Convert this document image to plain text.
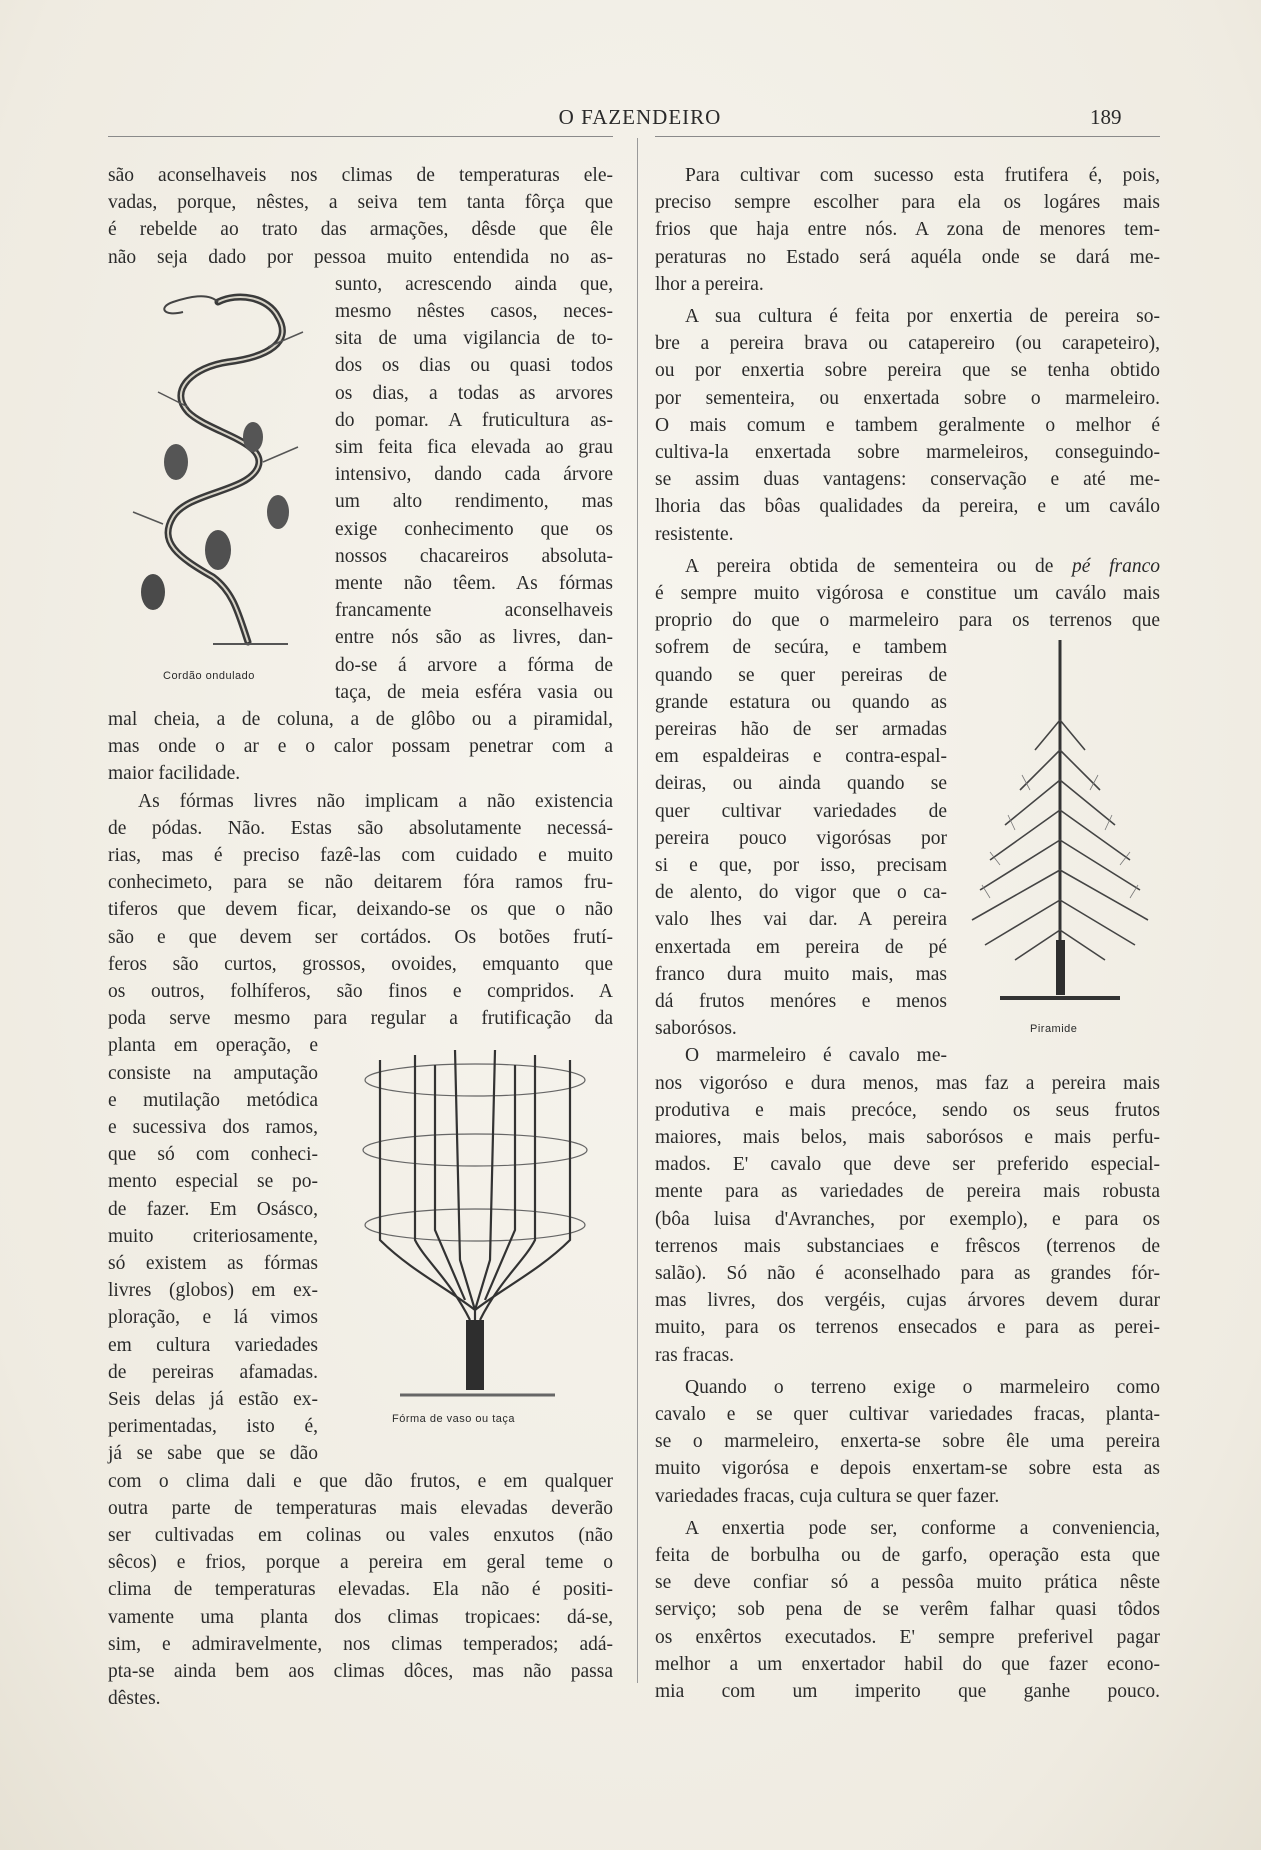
O FAZENDEIRO	189
são aconselhaveis nos climas de temperaturas ele-
vadas, porque, nêstes, a seiva tem tanta fôrça que
é rebelde ao trato das armações, dêsde que êle
não seja dado por pessoa muito entendida no as-
sunto, acrescendo ainda que,
mesmo nêstes casos, neces-
sita de uma vigilancia de to-
dos os dias ou quasi todos
os dias, a todas as arvores
do pomar. A fruticultura as-
sim feita fica elevada ao grau
intensivo, dando cada árvore
um alto rendimento, mas
exige conhecimento que os
nossos chacareiros absoluta-
mente não têem. As fórmas
francamente aconselhaveis
entre nós são as livres, dan-
do-se á arvore a fórma de
taça, de meia esféra vasia ou
mal cheia, a de coluna, a de glôbo ou a piramidal,
mas onde o ar e o calor possam penetrar com a
maior facilidade.
As fórmas livres não implicam a não existencia
de pódas. Não. Estas são absolutamente necessá-
rias, mas é preciso fazê-las com cuidado e muito
conhecimeto, para se não deitarem fóra ramos fru-
tiferos que devem ficar, deixando-se os que o não
são e que devem ser cortádos. Os botões frutí-
feros são curtos, grossos, ovoides, emquanto que
os outros, folhíferos, são finos e compridos. A
poda serve mesmo para regular a frutificação da
planta em operação, e
consiste na amputação
e mutilação metódica
e sucessiva dos ramos,
que só com conheci-
mento especial se po-
de fazer. Em Osásco,
muito criteriosamente,
só existem as fórmas
livres (globos) em ex-
ploração, e lá vimos
em cultura variedades
de pereiras afamadas.
Seis delas já estão ex-
perimentadas, isto é,
já se sabe que se dão
com o clima dali e que dão frutos, e em qualquer
outra parte de temperaturas mais elevadas deverão
ser cultivadas em colinas ou vales enxutos (não
sêcos) e frios, porque a pereira em geral teme o
clima de temperaturas elevadas. Ela não é positi-
vamente uma planta dos climas tropicaes: dá-se,
sim, e admiravelmente, nos climas temperados; adá-
pta-se ainda bem aos climas dôces, mas não passa
dêstes.
Para cultivar com sucesso esta frutifera é, pois,
preciso sempre escolher para ela os logáres mais
frios que haja entre nós. A zona de menores tem-
peraturas no Estado será aquéla onde se dará me-
lhor a pereira.
A sua cultura é feita por enxertia de pereira so-
bre a pereira brava ou catapereiro (ou carapeteiro),
ou por enxertia sobre pereira que se tenha obtido
por sementeira, ou enxertada sobre o marmeleiro.
O mais comum e tambem geralmente o melhor é
cultiva-la enxertada sobre marmeleiros, conseguindo-
se assim duas vantagens: conservação e até me-
lhoria das bôas qualidades da pereira, e um caválo
resistente.
A pereira obtida de sementeira ou de pé franco
é sempre muito vigórosa e constitue um caválo mais
proprio do que o marmeleiro para os terrenos que
sofrem de secúra, e tambem
quando se quer pereiras de
grande estatura ou quando as
pereiras hão de ser armadas
em espaldeiras e contra-espal-
deiras, ou ainda quando se
quer cultivar variedades de
pereira pouco vigorósas por
si e que, por isso, precisam
de alento, do vigor que o ca-
valo lhes vai dar. A pereira
enxertada em pereira de pé
franco dura muito mais, mas
dá frutos menóres e menos
saborósos.
O marmeleiro é cavalo me-
nos vigoróso e dura menos, mas faz a pereira mais
produtiva e mais precóce, sendo os seus frutos
maiores, mais belos, mais saborósos e mais perfu-
mados. E' cavalo que deve ser preferido especial-
mente para as variedades de pereira mais robusta
(bôa luisa d'Avranches, por exemplo), e para os
terrenos mais substanciaes e frêscos (terrenos de
salão). Só não é aconselhado para as grandes fór-
mas livres, dos vergéis, cujas árvores devem durar
muito, para os terrenos ensecados e para as perei-
ras fracas.
Quando o terreno exige o marmeleiro como
cavalo e se quer cultivar variedades fracas, planta-
se o marmeleiro, enxerta-se sobre êle uma pereira
muito vigorósa e depois enxertam-se sobre esta as
variedades fracas, cuja cultura se quer fazer.
A enxertia pode ser, conforme a conveniencia,
feita de borbulha ou de garfo, operação esta que
se deve confiar só a pessôa muito prática nêste
serviço; sob pena de se verêm falhar quasi tôdos
os enxêrtos executados. E' sempre preferivel pagar
melhor a um enxertador habil do que fazer econo-
mia com um imperito que ganhe pouco.
Cordão ondulado
Fórma de vaso ou taça
Piramide
